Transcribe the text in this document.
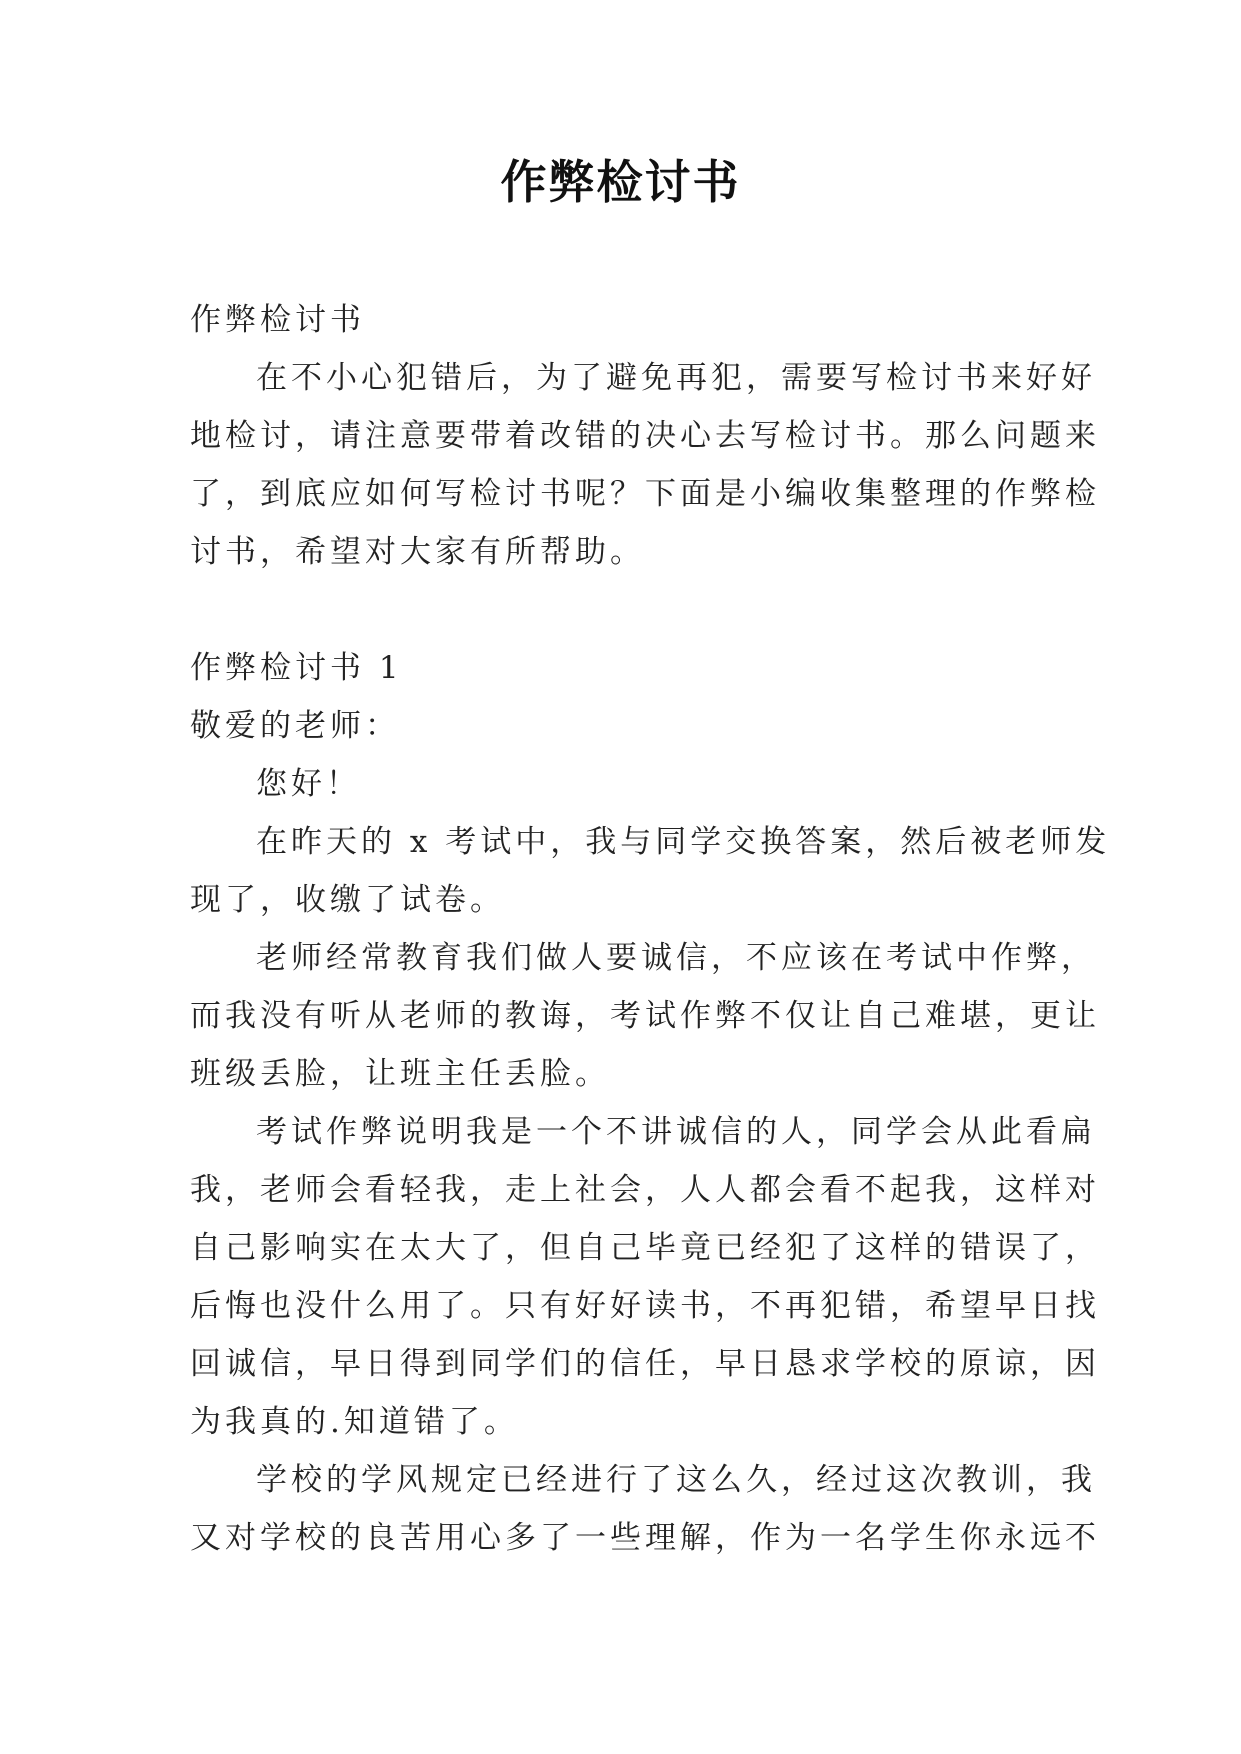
作弊检讨书
作弊检讨书
在不小心犯错后，为了避免再犯，需要写检讨书来好好
地检讨，请注意要带着改错的决心去写检讨书。那么问题来
了，到底应如何写检讨书呢？下面是小编收集整理的作弊检
讨书，希望对大家有所帮助。
作弊检讨书 1
敬爱的老师：
您好！
在昨天的 x 考试中，我与同学交换答案，然后被老师发
现了，收缴了试卷。
老师经常教育我们做人要诚信，不应该在考试中作弊，
而我没有听从老师的教诲，考试作弊不仅让自己难堪，更让
班级丢脸，让班主任丢脸。
考试作弊说明我是一个不讲诚信的人，同学会从此看扁
我，老师会看轻我，走上社会，人人都会看不起我，这样对
自己影响实在太大了，但自己毕竟已经犯了这样的错误了，
后悔也没什么用了。只有好好读书，不再犯错，希望早日找
回诚信，早日得到同学们的信任，早日恳求学校的原谅，因
为我真的.知道错了。
学校的学风规定已经进行了这么久，经过这次教训，我
又对学校的良苦用心多了一些理解，作为一名学生你永远不
